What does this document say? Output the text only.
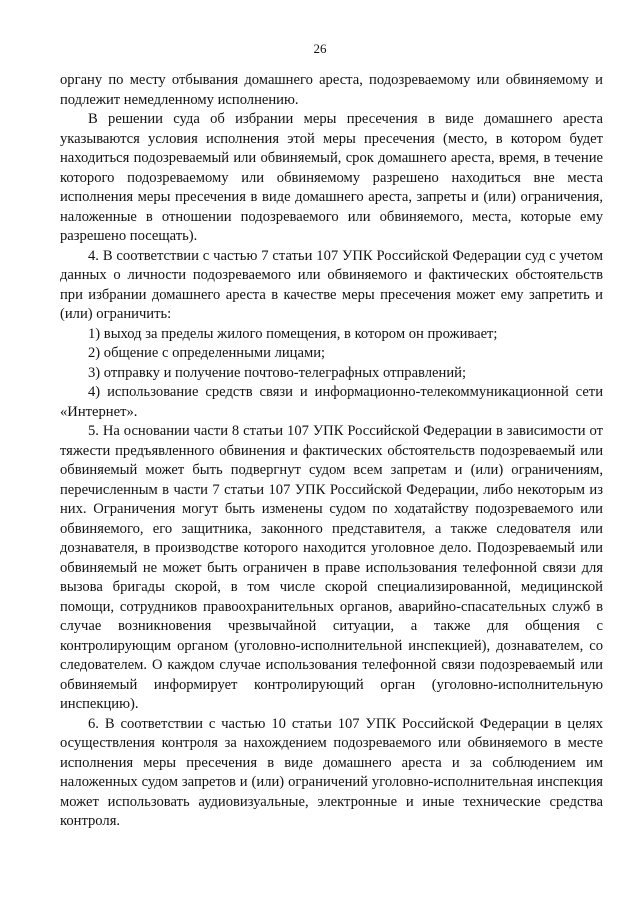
26

органу по месту отбывания домашнего ареста, подозреваемому или обвиняемому и подлежит немедленному исполнению.

В решении суда об избрании меры пресечения в виде домашнего ареста указываются условия исполнения этой меры пресечения (место, в котором будет находиться подозреваемый или обвиняемый, срок домашнего ареста, время, в течение которого подозреваемому или обвиняемому разрешено находиться вне места исполнения меры пресечения в виде домашнего ареста, запреты и (или) ограничения, наложенные в отношении подозреваемого или обвиняемого, места, которые ему разрешено посещать).

4. В соответствии с частью 7 статьи 107 УПК Российской Федерации суд с учетом данных о личности подозреваемого или обвиняемого и фактических обстоятельств при избрании домашнего ареста в качестве меры пресечения может ему запретить и (или) ограничить:

1) выход за пределы жилого помещения, в котором он проживает;

2) общение с определенными лицами;

3) отправку и получение почтово-телеграфных отправлений;

4) использование средств связи и информационно-телекоммуникационной сети «Интернет».

5. На основании части 8 статьи 107 УПК Российской Федерации в зависимости от тяжести предъявленного обвинения и фактических обстоятельств подозреваемый или обвиняемый может быть подвергнут судом всем запретам и (или) ограничениям, перечисленным в части 7 статьи 107 УПК Российской Федерации, либо некоторым из них. Ограничения могут быть изменены судом по ходатайству подозреваемого или обвиняемого, его защитника, законного представителя, а также следователя или дознавателя, в производстве которого находится уголовное дело. Подозреваемый или обвиняемый не может быть ограничен в праве использования телефонной связи для вызова бригады скорой, в том числе скорой специализированной, медицинской помощи, сотрудников правоохранительных органов, аварийно-спасательных служб в случае возникновения чрезвычайной ситуации, а также для общения с контролирующим органом (уголовно-исполнительной инспекцией), дознавателем, со следователем. О каждом случае использования телефонной связи подозреваемый или обвиняемый информирует контролирующий орган (уголовно-исполнительную инспекцию).

6. В соответствии с частью 10 статьи 107 УПК Российской Федерации в целях осуществления контроля за нахождением подозреваемого или обвиняемого в месте исполнения меры пресечения в виде домашнего ареста и за соблюдением им наложенных судом запретов и (или) ограничений уголовно-исполнительная инспекция может использовать аудиовизуальные, электронные и иные технические средства контроля.
